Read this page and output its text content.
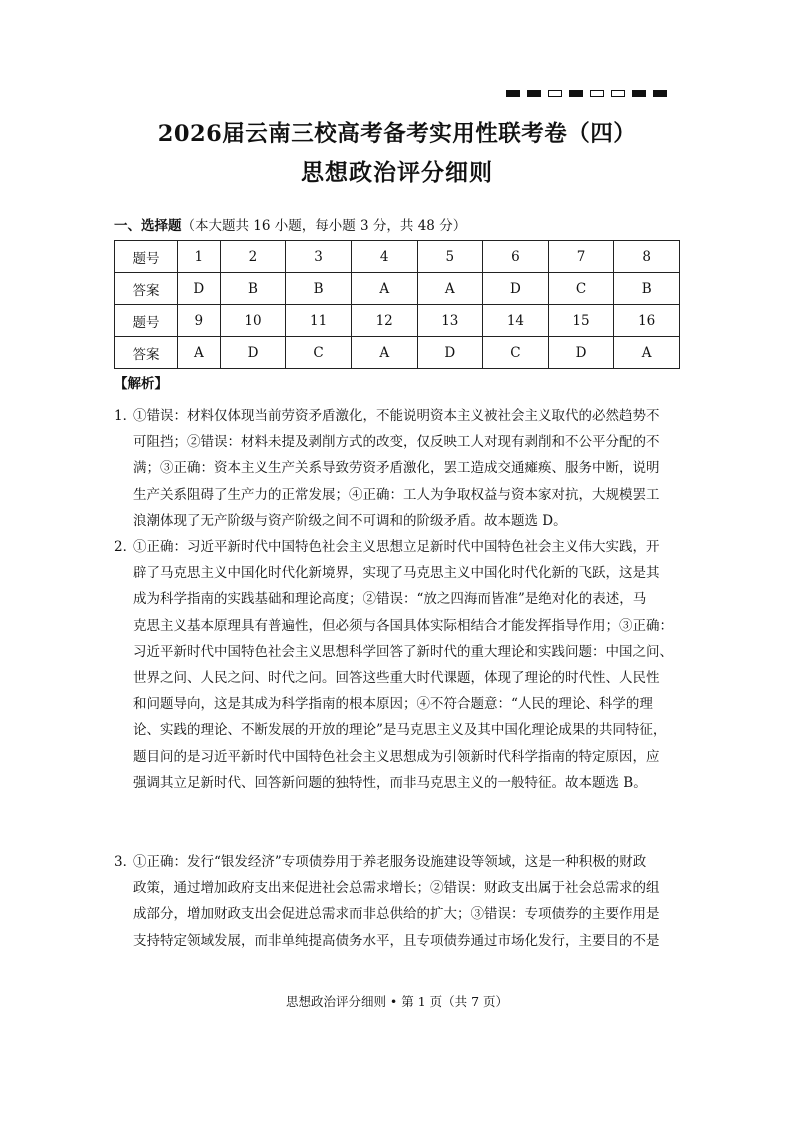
2026届云南三校高考备考实用性联考卷（四）
思想政治评分细则
一、选择题（本大题共 16 小题，每小题 3 分，共 48 分）
题号	1	2	3	4	5	6	7	8
答案	D	B	B	A	A	D	C	B
题号	9	10	11	12	13	14	15	16
答案	A	D	C	A	D	C	D	A
【解析】
1．①错误：材料仅体现当前劳资矛盾激化，不能说明资本主义被社会主义取代的必然趋势不
可阻挡；②错误：材料未提及剥削方式的改变，仅反映工人对现有剥削和不公平分配的不
满；③正确：资本主义生产关系导致劳资矛盾激化，罢工造成交通瘫痪、服务中断，说明
生产关系阻碍了生产力的正常发展；④正确：工人为争取权益与资本家对抗，大规模罢工
浪潮体现了无产阶级与资产阶级之间不可调和的阶级矛盾。故本题选 D。
2．①正确：习近平新时代中国特色社会主义思想立足新时代中国特色社会主义伟大实践，开
辟了马克思主义中国化时代化新境界，实现了马克思主义中国化时代化新的飞跃，这是其
成为科学指南的实践基础和理论高度；②错误：“放之四海而皆准”是绝对化的表述，马
克思主义基本原理具有普遍性，但必须与各国具体实际相结合才能发挥指导作用；③正确：
习近平新时代中国特色社会主义思想科学回答了新时代的重大理论和实践问题：中国之问、
世界之问、人民之问、时代之问。回答这些重大时代课题，体现了理论的时代性、人民性
和问题导向，这是其成为科学指南的根本原因；④不符合题意：“人民的理论、科学的理
论、实践的理论、不断发展的开放的理论”是马克思主义及其中国化理论成果的共同特征，
题目问的是习近平新时代中国特色社会主义思想成为引领新时代科学指南的特定原因，应
强调其立足新时代、回答新问题的独特性，而非马克思主义的一般特征。故本题选 B。
3．①正确：发行“银发经济”专项债券用于养老服务设施建设等领域，这是一种积极的财政
政策，通过增加政府支出来促进社会总需求增长；②错误：财政支出属于社会总需求的组
成部分，增加财政支出会促进总需求而非总供给的扩大；③错误：专项债券的主要作用是
支持特定领域发展，而非单纯提高债务水平，且专项债券通过市场化发行，主要目的不是
思想政治评分细则 • 第 1 页（共 7 页）
